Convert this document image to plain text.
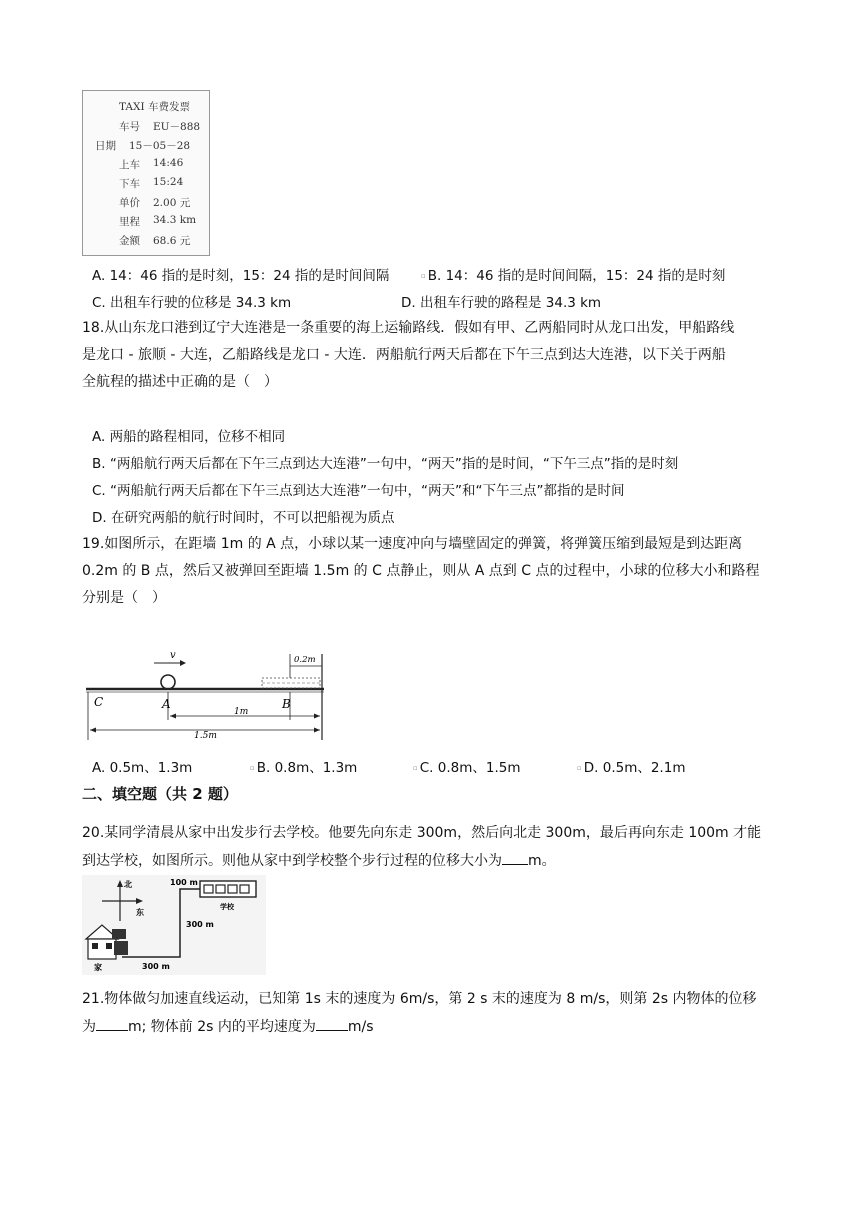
TAXI 车费发票
车号 EU－888
日期 15－05－28
上车 14:46
下车 15:24
单价 2.00 元
里程 34.3 km
金额 68.6 元
A. 14：46 指的是时刻，15：24 指的是时间间隔	▫ B. 14：46 指的是时间间隔，15：24 指的是时刻
C. 出租车行驶的位移是 34.3 km	D. 出租车行驶的路程是 34.3 km
18.从山东龙口港到辽宁大连港是一条重要的海上运输路线．假如有甲、乙两船同时从龙口出发，甲船路线
是龙口 - 旅顺 - 大连，乙船路线是龙口 - 大连．两船航行两天后都在下午三点到达大连港，以下关于两船
全航程的描述中正确的是（　）
A. 两船的路程相同，位移不相同
B. “两船航行两天后都在下午三点到达大连港”一句中，“两天”指的是时间，“下午三点”指的是时刻
C. “两船航行两天后都在下午三点到达大连港”一句中，“两天”和“下午三点”都指的是时间
D. 在研究两船的航行时间时，不可以把船视为质点
19.如图所示，在距墙 1m 的 A 点，小球以某一速度冲向与墙壁固定的弹簧，将弹簧压缩到最短是到达距离
0.2m 的 B 点，然后又被弹回至距墙 1.5m 的 C 点静止，则从 A 点到 C 点的过程中，小球的位移大小和路程
分别是（　）
v	0.2m
C	A	B
1m
1.5m
A. 0.5m、1.3m	▫ B. 0.8m、1.3m	▫ C. 0.8m、1.5m	▫ D. 0.5m、2.1m
二、填空题（共 2 题）
20.某同学清晨从家中出发步行去学校。他要先向东走 300m，然后向北走 300m，最后再向东走 100m 才能
到达学校，如图所示。则他从家中到学校整个步行过程的位移大小为 m。
北
东
100 m
300 m
300 m
家
学校
21.物体做匀加速直线运动，已知第 1s 末的速度为 6m/s，第 2 s 末的速度为 8 m/s，则第 2s 内物体的位移
为 m; 物体前 2s 内的平均速度为 m/s
